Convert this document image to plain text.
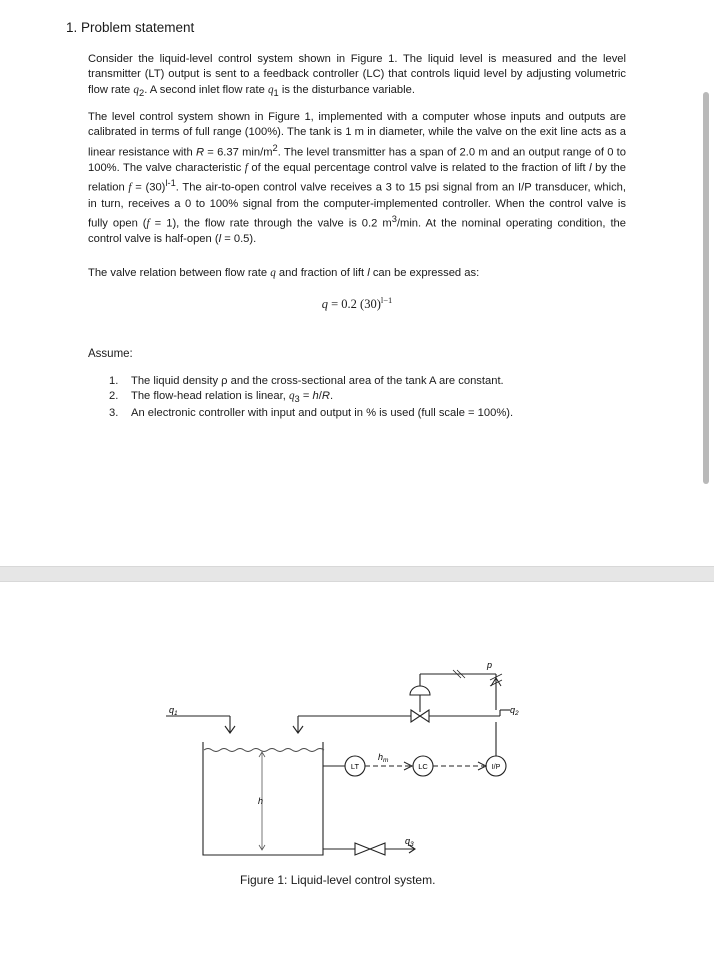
1. Problem statement

Consider the liquid-level control system shown in Figure 1. The liquid level is measured and the level transmitter (LT) output is sent to a feedback controller (LC) that controls liquid level by adjusting volumetric flow rate $q_2$. A second inlet flow rate $q_1$ is the disturbance variable.

The level control system shown in Figure 1, implemented with a computer whose inputs and outputs are calibrated in terms of full range (100%). The tank is 1 m in diameter, while the valve on the exit line acts as a linear resistance with R = 6.37 $\min/m^2$. The level transmitter has a span of 2.0 m and an output range of 0 to 100%. The valve characteristic f of the equal percentage control valve is related to the fraction of lift l by the relation $f = (30)^{l-1}$. The air-to-open control valve receives a 3 to 15 psi signal from an I/P transducer, which, in turn, receives a 0 to 100% signal from the computer-implemented controller. When the control valve is fully open (f = 1), the flow rate through the valve is 0.2 $m^3/\min$. At the nominal operating condition, the control valve is half-open (l = 0.5).

The valve relation between flow rate q and fraction of lift l can be expressed as:

q = 0.2 $(30)^{l-1}$
Assume:
1. The liquid density ρ and the cross-sectional area of the tank A are constant.
2. The flow-head relation is linear, $q_3 = h/R$.
3. An electronic controller with input and output in % is used (full scale = 100%).
$q_1$	$q_2$
$q_3$
h
$h_m$
p
LT	LC	I/P
Figure 1: Liquid-level control system.
